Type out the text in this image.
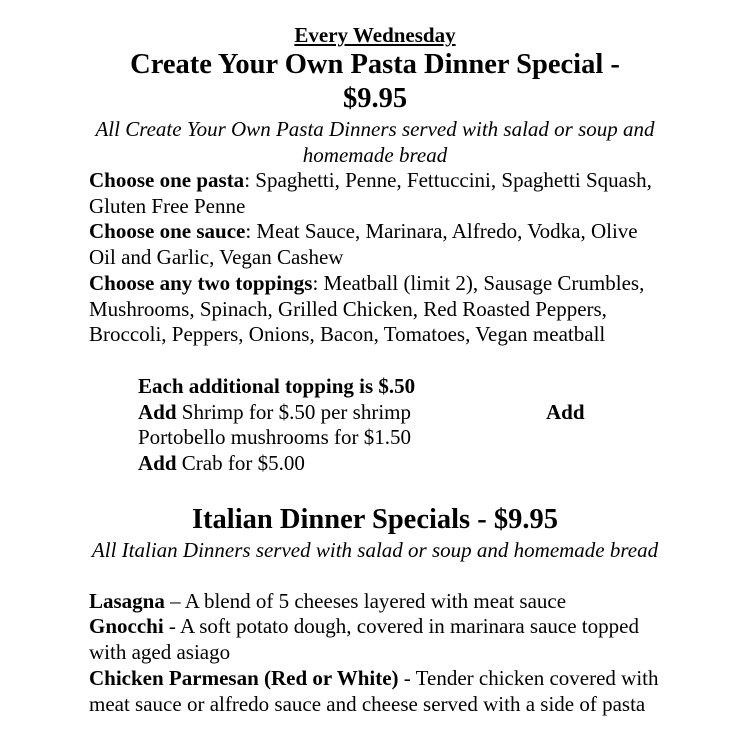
Every Wednesday
Create Your Own Pasta Dinner Special - $9.95
All Create Your Own Pasta Dinners served with salad or soup and homemade bread
Choose one pasta: Spaghetti, Penne, Fettuccini, Spaghetti Squash, Gluten Free Penne
Choose one sauce: Meat Sauce, Marinara, Alfredo, Vodka, Olive Oil and Garlic, Vegan Cashew
Choose any two toppings: Meatball (limit 2), Sausage Crumbles, Mushrooms, Spinach, Grilled Chicken, Red Roasted Peppers, Broccoli, Peppers, Onions, Bacon, Tomatoes, Vegan meatball
Each additional topping is $.50
Add Shrimp for $.50 per shrimp	Add
Portobello mushrooms for $1.50
Add Crab for $5.00
Italian Dinner Specials - $9.95
All Italian Dinners served with salad or soup and homemade bread
Lasagna – A blend of 5 cheeses layered with meat sauce
Gnocchi - A soft potato dough, covered in marinara sauce topped with aged asiago
Chicken Parmesan (Red or White) - Tender chicken covered with meat sauce or alfredo sauce and cheese served with a side of pasta
